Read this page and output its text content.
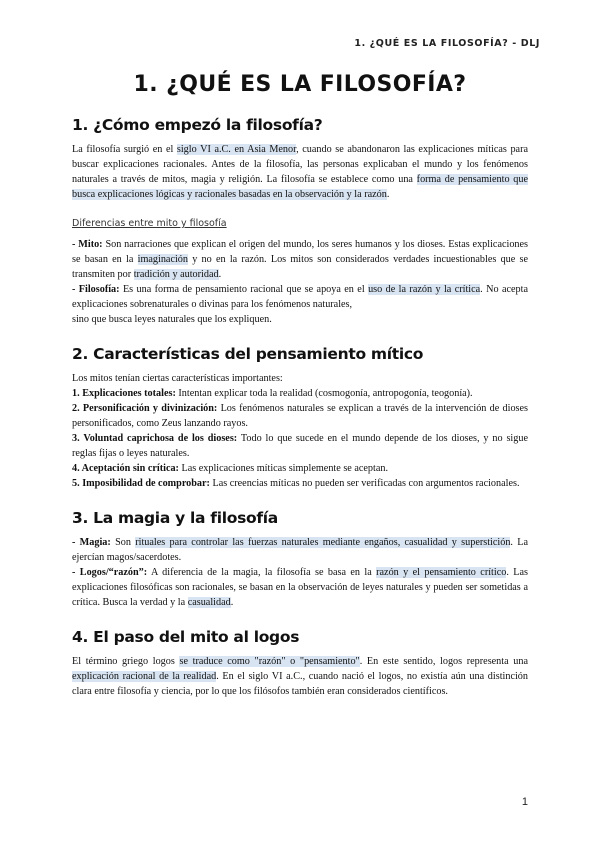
1. ¿QUÉ ES LA FILOSOFÍA? - DLJ
1. ¿QUÉ ES LA FILOSOFÍA?
1. ¿Cómo empezó la filosofía?

La filosofía surgió en el siglo VI a.C. en Asia Menor, cuando se abandonaron las explicaciones míticas para buscar explicaciones racionales. Antes de la filosofía, las personas explicaban el mundo y los fenómenos naturales a través de mitos, magia y religión. La filosofía se establece como una forma de pensamiento que busca explicaciones lógicas y racionales basadas en la observación y la razón.

Diferencias entre mito y filosofía

- Mito: Son narraciones que explican el origen del mundo, los seres humanos y los dioses. Estas explicaciones se basan en la imaginación y no en la razón. Los mitos son considerados verdades incuestionables que se transmiten por tradición y autoridad.

- Filosofía: Es una forma de pensamiento racional que se apoya en el uso de la razón y la crítica. No acepta explicaciones sobrenaturales o divinas para los fenómenos naturales,
sino que busca leyes naturales que los expliquen.

2. Características del pensamiento mítico

Los mitos tenían ciertas características importantes:

1. Explicaciones totales: Intentan explicar toda la realidad (cosmogonía, antropogonía, teogonía).

2. Personificación y divinización: Los fenómenos naturales se explican a través de la intervención de dioses personificados, como Zeus lanzando rayos.

3. Voluntad caprichosa de los dioses: Todo lo que sucede en el mundo depende de los dioses, y no sigue reglas fijas o leyes naturales.

4. Aceptación sin crítica: Las explicaciones míticas simplemente se aceptan.

5. Imposibilidad de comprobar: Las creencias míticas no pueden ser verificadas con argumentos racionales.

3. La magia y la filosofía

- Magia: Son rituales para controlar las fuerzas naturales mediante engaños, casualidad y superstición. La ejercían magos/sacerdotes.

- Logos/“razón”: A diferencia de la magia, la filosofía se basa en la razón y el pensamiento crítico. Las explicaciones filosóficas son racionales, se basan en la observación de leyes naturales y pueden ser sometidas a crítica. Busca la verdad y la casualidad.

4. El paso del mito al logos

El término griego logos se traduce como "razón" o "pensamiento". En este sentido, logos representa una explicación racional de la realidad. En el siglo VI a.C., cuando nació el logos, no existía aún una distinción clara entre filosofía y ciencia, por lo que los filósofos también eran considerados científicos.

1
